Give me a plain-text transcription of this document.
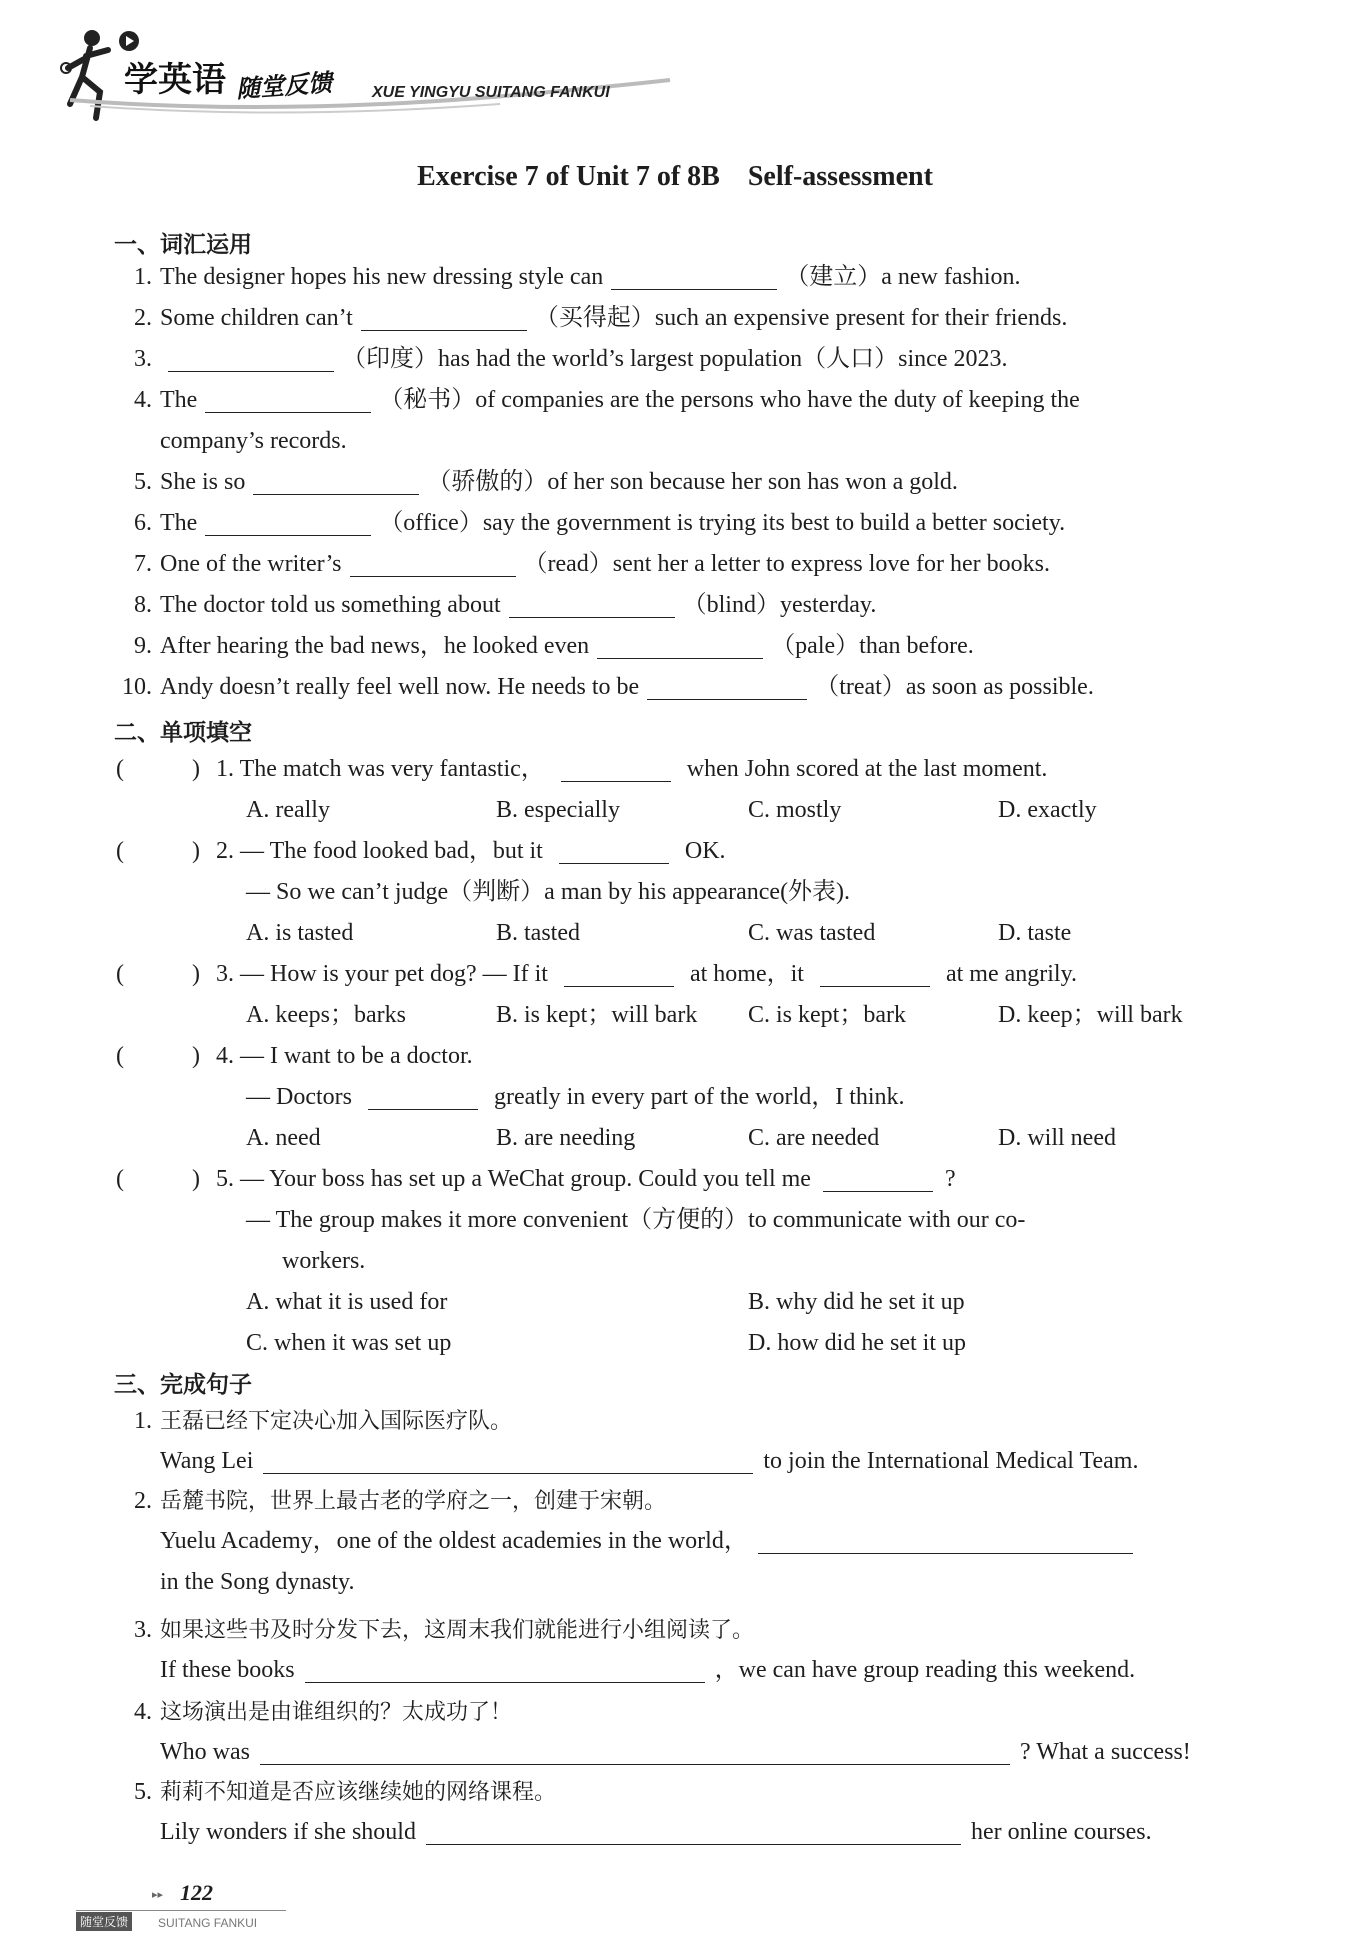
学英语 随堂反馈 XUE YINGYU SUITANG FANKUI
Exercise 7 of Unit 7 of 8B　Self-assessment
一、词汇运用
1. The designer hopes his new dressing style can	（建立）a new fashion.
2. Some children can’t	（买得起）such an expensive present for their friends.
3.	（印度）has had the world’s largest population（人口）since 2023.
4. The	（秘书）of companies are the persons who have the duty of keeping the
company’s records.
5. She is so	（骄傲的）of her son because her son has won a gold.
6. The	（office）say the government is trying its best to build a better society.
7. One of the writer’s	（read）sent her a letter to express love for her books.
8. The doctor told us something about	（blind）yesterday.
9. After hearing the bad news，he looked even	（pale）than before.
10. Andy doesn’t really feel well now. He needs to be	（treat）as soon as possible.
二、单项填空
(	) 1. The match was very fantastic，	when John scored at the last moment.
A. really	B. especially	C. mostly	D. exactly
(	) 2. — The food looked bad，but it	OK.
— So we can’t judge（判断）a man by his appearance(外表).
A. is tasted	B. tasted	C. was tasted	D. taste
(	) 3. — How is your pet dog? — If it	at home，it	at me angrily.
A. keeps；barks	B. is kept；will bark C. is kept；bark	D. keep；will bark
(	) 4. — I want to be a doctor.
— Doctors	greatly in every part of the world，I think.
A. need	B. are needing	C. are needed	D. will need
(	) 5. — Your boss has set up a WeChat group. Could you tell me	?
— The group makes it more convenient（方便的）to communicate with our co-
workers.
A. what it is used for	B. why did he set it up
C. when it was set up	D. how did he set it up
三、完成句子
1. 王磊已经下定决心加入国际医疗队。
Wang Lei	to join the International Medical Team.
2. 岳麓书院，世界上最古老的学府之一，创建于宋朝。
Yuelu Academy，one of the oldest academies in the world，
in the Song dynasty.
3. 如果这些书及时分发下去，这周末我们就能进行小组阅读了。
If these books	，we can have group reading this weekend.
4. 这场演出是由谁组织的？太成功了！
Who was	? What a success!
5. 莉莉不知道是否应该继续她的网络课程。
Lily wonders if she should	her online courses.
▸▸ 122
随堂反馈	SUITANG FANKUI
